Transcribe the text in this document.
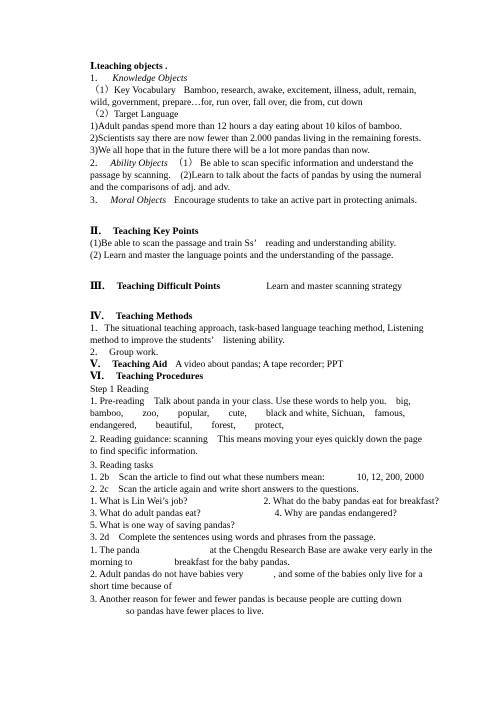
Ⅰ.teaching objects .
1． Knowledge Objects
（1）Key Vocabulary Bamboo, research, awake, excitement, illness, adult, remain,
wild, government, prepare…for, run over, fall over, die from, cut down
（2）Target Language
1)Adult pandas spend more than 12 hours a day eating about 10 kilos of bamboo.
2)Scientists say there are now fewer than 2.000 pandas living in the remaining forests.
3)We all hope that in the future there will be a lot more pandas than now.
2． Ability Objects （1） Be able to scan specific information and understand the
passage by scanning.　(2)Learn to talk about the facts of pandas by using the numeral
and the comparisons of adj. and adv.
3． Moral Objects Encourage students to take an active part in protecting animals.
Ⅱ．　Teaching Key Points
(1)Be able to scan the passage and train Ss’　reading and understanding ability.
(2) Learn and master the language points and the understanding of the passage.
Ⅲ．　Teaching Difficult Points	Learn and master scanning strategy
Ⅳ．　Teaching Methods
1．The situational teaching approach, task-based language teaching method, Listening
method to improve the students’　listening ability.
2．　Group work.
Ⅴ．　Teaching Aid A video about pandas; A tape recorder; PPT
Ⅵ．　Teaching Procedures
Step 1 Reading
1. Pre-reading　Talk about panda in your class. Use these words to help you.　big,
bamboo,　　zoo,　　popular,　　cute,　　black and white, Sichuan,　famous,
endangered,　　beautiful,　　forest,　　protect,
2. Reading guidance: scanning　This means moving your eyes quickly down the page
to find specific information.
3. Reading tasks
1. 2b　Scan the article to find out what these numbers mean:	10, 12, 200, 2000
2. 2c　Scan the article again and write short answers to the questions.
1. What is Lin Wei’s job?	2. What do the baby pandas eat for breakfast?
3. What do adult pandas eat?	4. Why are pandas endangered?
5. What is one way of saving pandas?
3. 2d　Complete the sentences using words and phrases from the passage.
1. The panda	at the Chengdu Research Base are awake very early in the
morning to	breakfast for the baby pandas.
2. Adult pandas do not have babies very	, and some of the babies only live for a
short time because of
3. Another reason for fewer and fewer pandas is because people are cutting down
so pandas have fewer places to live.
